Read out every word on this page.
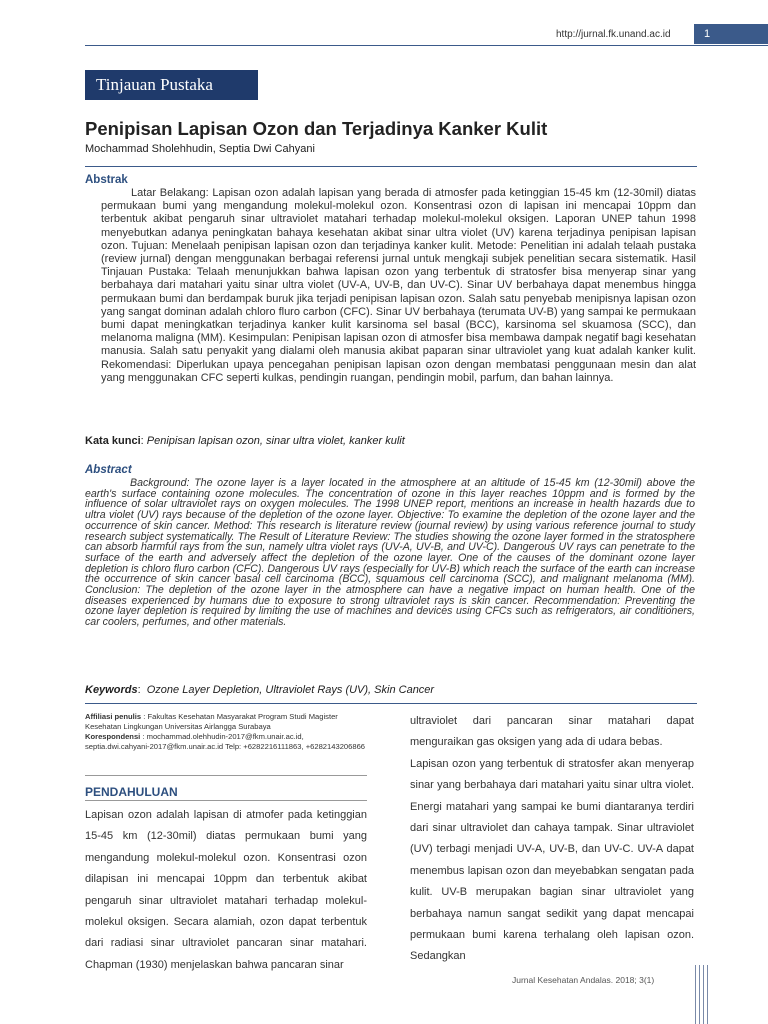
http://jurnal.fk.unand.ac.id	1
Tinjauan Pustaka
Penipisan Lapisan Ozon dan Terjadinya Kanker Kulit
Mochammad Sholehhudin, Septia Dwi Cahyani
Abstrak

Latar Belakang: Lapisan ozon adalah lapisan yang berada di atmosfer pada ketinggian 15-45 km (12-30mil) diatas permukaan bumi yang mengandung molekul-molekul ozon. Konsentrasi ozon di lapisan ini mencapai 10ppm dan terbentuk akibat pengaruh sinar ultraviolet matahari terhadap molekul-molekul oksigen. Laporan UNEP tahun 1998 menyebutkan adanya peningkatan bahaya kesehatan akibat sinar ultra violet (UV) karena terjadinya penipisan lapisan ozon. Tujuan: Menelaah penipisan lapisan ozon dan terjadinya kanker kulit. Metode: Penelitian ini adalah telaah pustaka (review jurnal) dengan menggunakan berbagai referensi jurnal untuk mengkaji subjek penelitian secara sistematik. Hasil Tinjauan Pustaka: Telaah menunjukkan bahwa lapisan ozon yang terbentuk di stratosfer bisa menyerap sinar yang berbahaya dari matahari yaitu sinar ultra violet (UV-A, UV-B, dan UV-C). Sinar UV berbahaya dapat menembus hingga permukaan bumi dan berdampak buruk jika terjadi penipisan lapisan ozon. Salah satu penyebab menipisnya lapisan ozon yang sangat dominan adalah chloro fluro carbon (CFC). Sinar UV berbahaya (terumata UV-B) yang sampai ke permukaan bumi dapat meningkatkan terjadinya kanker kulit karsinoma sel basal (BCC), karsinoma sel skuamosa (SCC), dan melanoma maligna (MM). Kesimpulan: Penipisan lapisan ozon di atmosfer bisa membawa dampak negatif bagi kesehatan manusia. Salah satu penyakit yang dialami oleh manusia akibat paparan sinar ultraviolet yang kuat adalah kanker kulit. Rekomendasi: Diperlukan upaya pencegahan penipisan lapisan ozon dengan membatasi penggunaan mesin dan alat yang menggunakan CFC seperti kulkas, pendingin ruangan, pendingin mobil, parfum, dan bahan lainnya.

Kata kunci: Penipisan lapisan ozon, sinar ultra violet, kanker kulit
Abstract

Background: The ozone layer is a layer located in the atmosphere at an altitude of 15-45 km (12-30mil) above the earth's surface containing ozone molecules. The concentration of ozone in this layer reaches 10ppm and is formed by the influence of solar ultraviolet rays on oxygen molecules. The 1998 UNEP report, mentions an increase in health hazards due to ultra violet (UV) rays because of the depletion of the ozone layer. Objective: To examine the depletion of the ozone layer and the occurrence of skin cancer. Method: This research is literature review (journal review) by using various reference journal to study research subject systematically. The Result of Literature Review: The studies showing the ozone layer formed in the stratosphere can absorb harmful rays from the sun, namely ultra violet rays (UV-A, UV-B, and UV-C). Dangerous UV rays can penetrate to the surface of the earth and adversely affect the depletion of the ozone layer. One of the causes of the dominant ozone layer depletion is chloro fluro carbon (CFC). Dangerous UV rays (especially for UV-B) which reach the surface of the earth can increase the occurrence of skin cancer basal cell carcinoma (BCC), squamous cell carcinoma (SCC), and malignant melanoma (MM). Conclusion: The depletion of the ozone layer in the atmosphere can have a negative impact on human health. One of the diseases experienced by humans due to exposure to strong ultraviolet rays is skin cancer. Recommendation: Preventing the ozone layer depletion is required by limiting the use of machines and devices using CFCs such as refrigerators, air conditioners, car coolers, perfumes, and other materials.

Keywords:  Ozone Layer Depletion, Ultraviolet Rays (UV), Skin Cancer

Affiliasi penulis : Fakultas Kesehatan Masyarakat Program Studi Magister Kesehatan Lingkungan Universitas Airlangga Surabaya
Korespondensi : mochammad.olehhudin-2017@fkm.unair.ac.id, septia.dwi.cahyani-2017@fkm.unair.ac.id Telp: +6282216111863, +6282143206866

PENDAHULUAN

Lapisan ozon adalah lapisan di atmofer pada ketinggian 15-45 km (12-30mil) diatas permukaan bumi yang mengandung molekul-molekul ozon. Konsentrasi ozon dilapisan ini mencapai 10ppm dan terbentuk akibat pengaruh sinar ultraviolet matahari terhadap molekul-molekul oksigen. Secara alamiah, ozon dapat terbentuk dari radiasi sinar ultraviolet pancaran sinar matahari. Chapman (1930) menjelaskan bahwa pancaran sinar

ultraviolet dari pancaran sinar matahari dapat menguraikan gas oksigen yang ada di udara bebas.

Lapisan ozon yang terbentuk di stratosfer akan menyerap sinar yang berbahaya dari matahari yaitu sinar ultra violet. Energi matahari yang sampai ke bumi diantaranya terdiri dari sinar ultraviolet dan cahaya tampak. Sinar ultraviolet (UV) terbagi menjadi UV-A, UV-B, dan UV-C. UV-A dapat menembus lapisan ozon dan meyebabkan sengatan pada kulit. UV-B merupakan bagian sinar ultraviolet yang berbahaya namun sangat sedikit yang dapat mencapai permukaan bumi karena terhalang oleh lapisan ozon. Sedangkan

Jurnal Kesehatan Andalas. 2018; 3(1)
